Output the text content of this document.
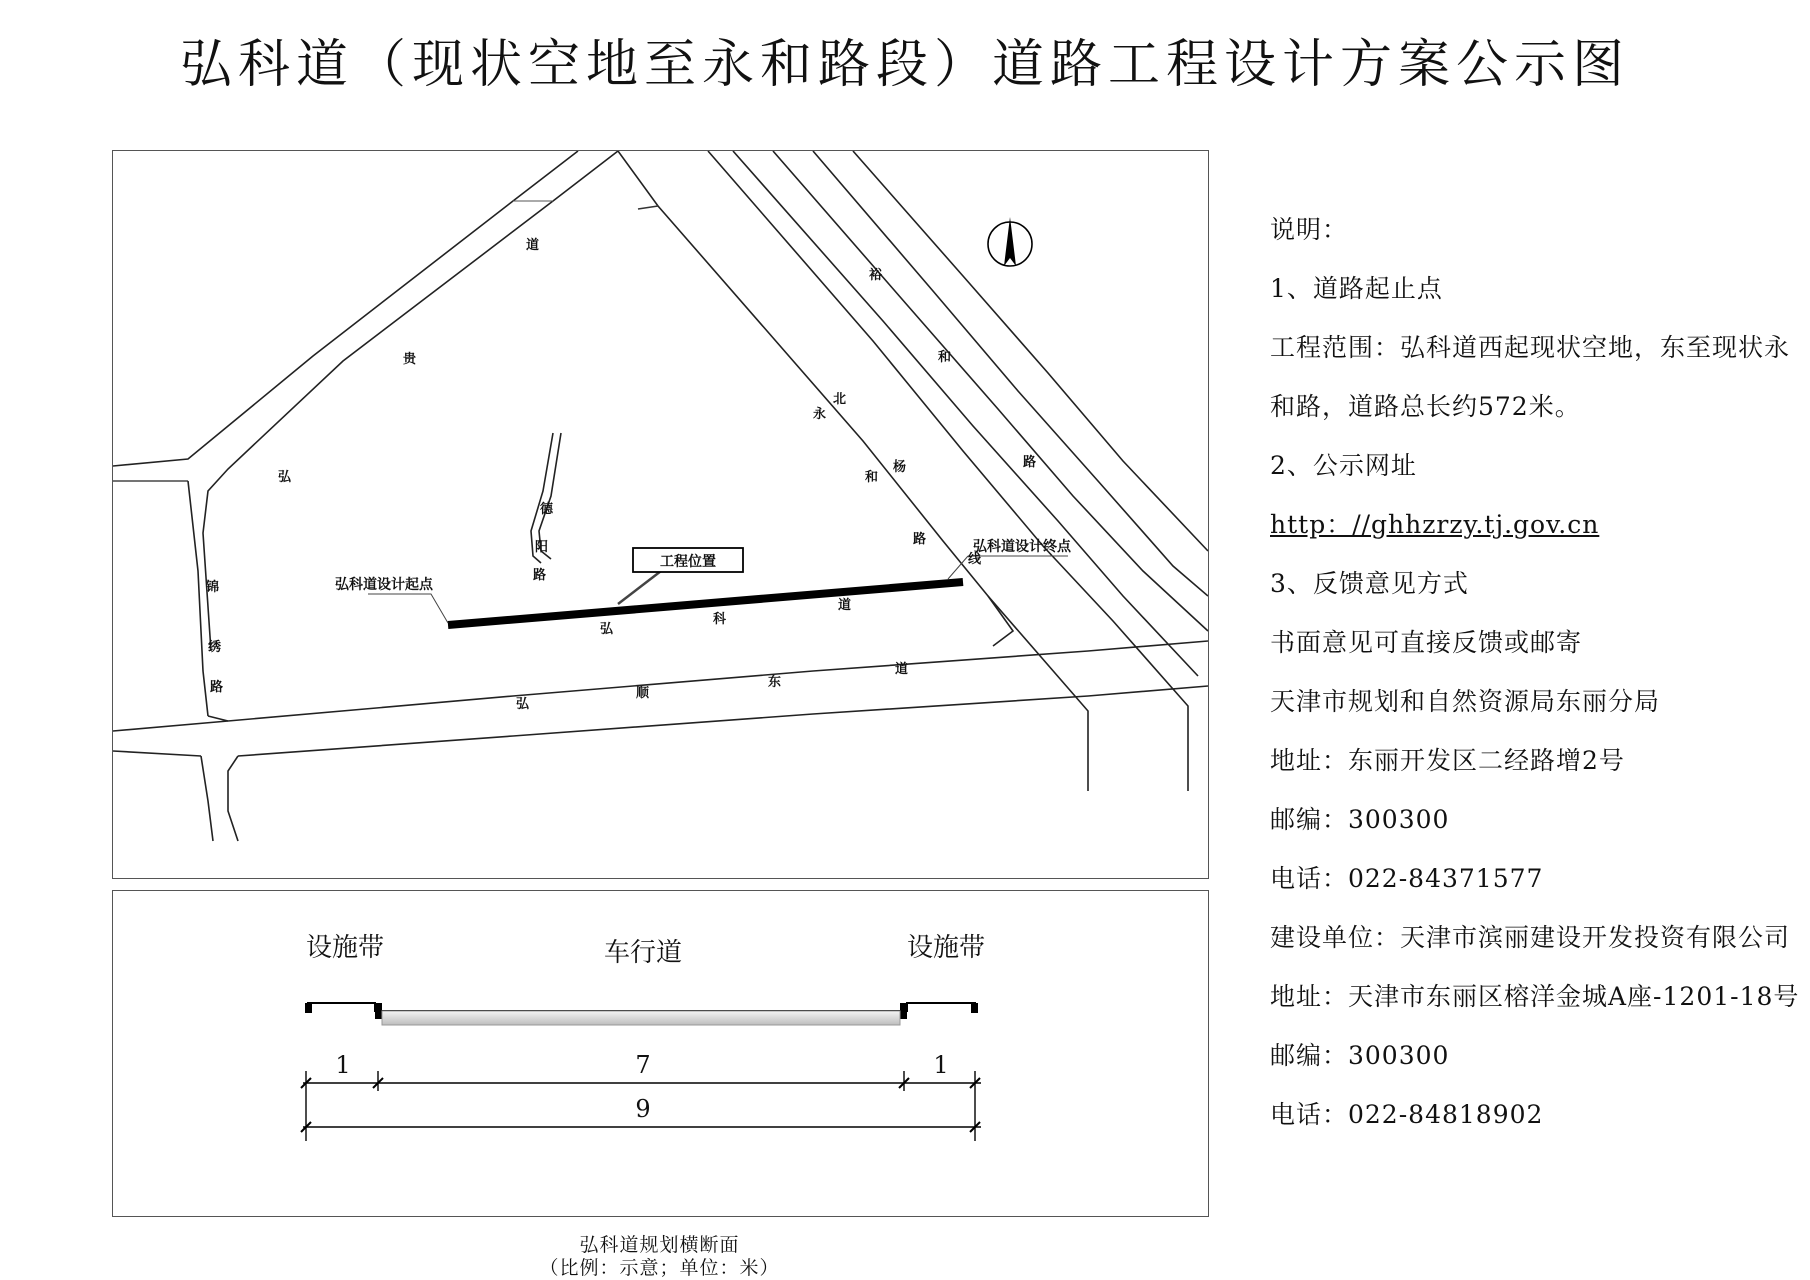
弘科道（现状空地至永和路段）道路工程设计方案公示图
工程位置
弘科道设计起点
弘科道设计终点
道
贵
弘
裕
和
路
北
杨
线
永
和
路
弘
顺
东
道
锦
绣
路
弘
科
道
德
阳
路
设施带	车行道	设施带
1	7	1
9
弘科道规划横断面
（比例：示意；单位：米）
说明：
1、道路起止点
工程范围：弘科道西起现状空地，东至现状永
和路，道路总长约572米。
2、公示网址
http：//ghhzrzy.tj.gov.cn
3、反馈意见方式
书面意见可直接反馈或邮寄
天津市规划和自然资源局东丽分局
地址：东丽开发区二经路增2号
邮编：300300
电话：022-84371577
建设单位：天津市滨丽建设开发投资有限公司
地址：天津市东丽区榕洋金城A座-1201-18号
邮编：300300
电话：022-84818902
